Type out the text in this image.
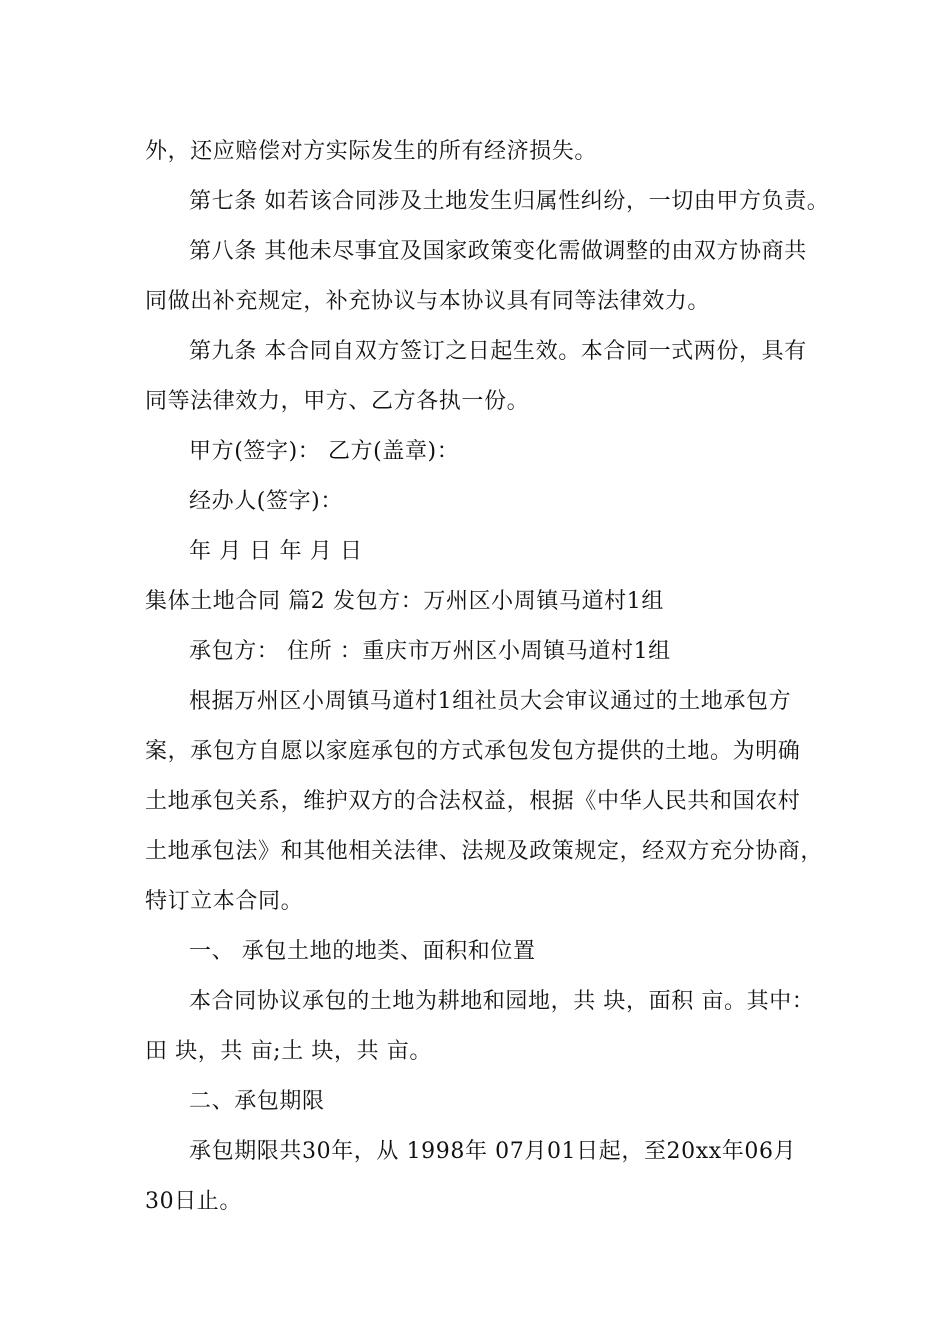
外，还应赔偿对方实际发生的所有经济损失。

第七条 如若该合同涉及土地发生归属性纠纷，一切由甲方负责。

第八条 其他未尽事宜及国家政策变化需做调整的由双方协商共

同做出补充规定，补充协议与本协议具有同等法律效力。

第九条 本合同自双方签订之日起生效。本合同一式两份，具有

同等法律效力，甲方、乙方各执一份。

甲方(签字)： 乙方(盖章)：

经办人(签字)：

年 月 日 年 月 日

集体土地合同 篇2 发包方：万州区小周镇马道村1组

承包方： 住所 ：重庆市万州区小周镇马道村1组

根据万州区小周镇马道村1组社员大会审议通过的土地承包方

案，承包方自愿以家庭承包的方式承包发包方提供的土地。为明确

土地承包关系，维护双方的合法权益，根据《中华人民共和国农村

土地承包法》和其他相关法律、法规及政策规定，经双方充分协商，

特订立本合同。

一、 承包土地的地类、面积和位置

本合同协议承包的土地为耕地和园地，共 块，面积 亩。其中：

田 块，共 亩;土 块，共 亩。

二、承包期限

承包期限共30年，从 1998年 07月01日起，至20xx年06月

30日止。
